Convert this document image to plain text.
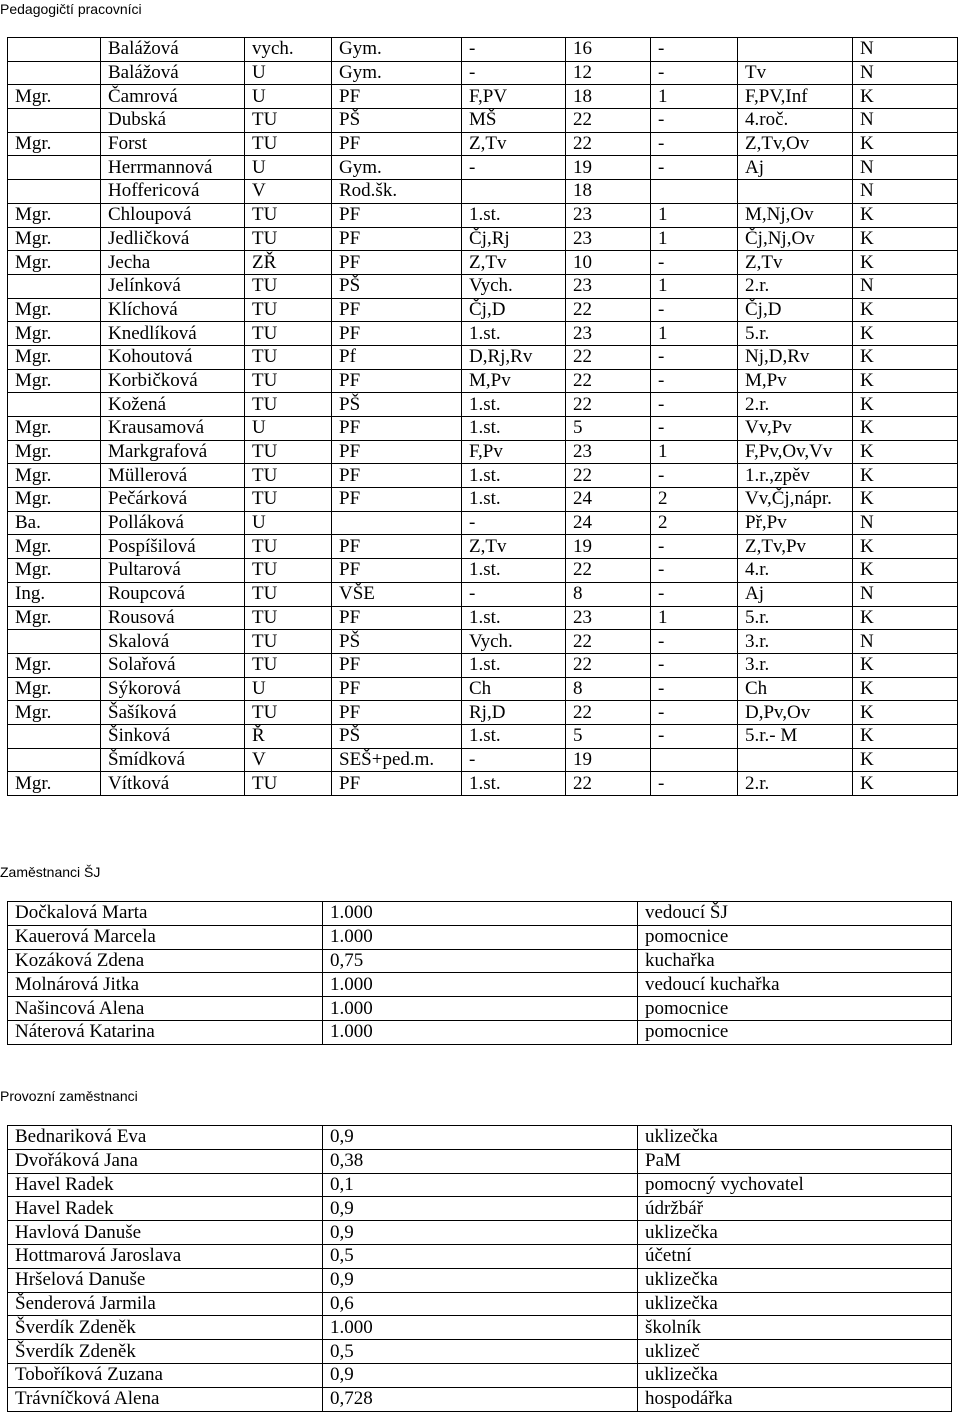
Pedagogičtí pracovníci
	Balážová	vych.	Gym.	-	16	-		N
	Balážová	U	Gym.	-	12	-	Tv	N
Mgr.	Čamrová	U	PF	F,PV	18	1	F,PV,Inf	K
	Dubská	TU	PŠ	MŠ	22	-	4.roč.	N
Mgr.	Forst	TU	PF	Z,Tv	22	-	Z,Tv,Ov	K
	Herrmannová	U	Gym.	-	19	-	Aj	N
	Hoffericová	V	Rod.šk.		18			N
Mgr.	Chloupová	TU	PF	1.st.	23	1	M,Nj,Ov	K
Mgr.	Jedličková	TU	PF	Čj,Rj	23	1	Čj,Nj,Ov	K
Mgr.	Jecha	ZŘ	PF	Z,Tv	10	-	Z,Tv	K
	Jelínková	TU	PŠ	Vych.	23	1	2.r.	N
Mgr.	Klíchová	TU	PF	Čj,D	22	-	Čj,D	K
Mgr.	Knedlíková	TU	PF	1.st.	23	1	5.r.	K
Mgr.	Kohoutová	TU	Pf	D,Rj,Rv	22	-	Nj,D,Rv	K
Mgr.	Korbičková	TU	PF	M,Pv	22	-	M,Pv	K
	Kožená	TU	PŠ	1.st.	22	-	2.r.	K
Mgr.	Krausamová	U	PF	1.st.	5	-	Vv,Pv	K
Mgr.	Markgrafová	TU	PF	F,Pv	23	1	F,Pv,Ov,Vv	K
Mgr.	Müllerová	TU	PF	1.st.	22	-	1.r.,zpěv	K
Mgr.	Pečárková	TU	PF	1.st.	24	2	Vv,Čj,nápr.	K
Ba.	Polláková	U		-	24	2	Př,Pv	N
Mgr.	Pospíšilová	TU	PF	Z,Tv	19	-	Z,Tv,Pv	K
Mgr.	Pultarová	TU	PF	1.st.	22	-	4.r.	K
Ing.	Roupcová	TU	VŠE	-	8	-	Aj	N
Mgr.	Rousová	TU	PF	1.st.	23	1	5.r.	K
	Skalová	TU	PŠ	Vych.	22	-	3.r.	N
Mgr.	Solařová	TU	PF	1.st.	22	-	3.r.	K
Mgr.	Sýkorová	U	PF	Ch	8	-	Ch	K
Mgr.	Šašíková	TU	PF	Rj,D	22	-	D,Pv,Ov	K
	Šinková	Ř	PŠ	1.st.	5	-	5.r.- M	K
	Šmídková	V	SEŠ+ped.m.	-	19			K
Mgr.	Vítková	TU	PF	1.st.	22	-	2.r.	K
Zaměstnanci ŠJ
Dočkalová Marta	1.000	vedoucí ŠJ
Kauerová Marcela	1.000	pomocnice
Kozáková Zdena	0,75	kuchařka
Molnárová Jitka	1.000	vedoucí kuchařka
Našincová Alena	1.000	pomocnice
Náterová Katarina	1.000	pomocnice
Provozní zaměstnanci
Bednariková Eva	0,9	uklizečka
Dvořáková Jana	0,38	PaM
Havel Radek	0,1	pomocný vychovatel
Havel Radek	0,9	údržbář
Havlová Danuše	0,9	uklizečka
Hottmarová Jaroslava	0,5	účetní
Hršelová Danuše	0,9	uklizečka
Šenderová Jarmila	0,6	uklizečka
Šverdík Zdeněk	1.000	školník
Šverdík Zdeněk	0,5	uklizeč
Toboříková Zuzana	0,9	uklizečka
Trávníčková Alena	0,728	hospodářka
